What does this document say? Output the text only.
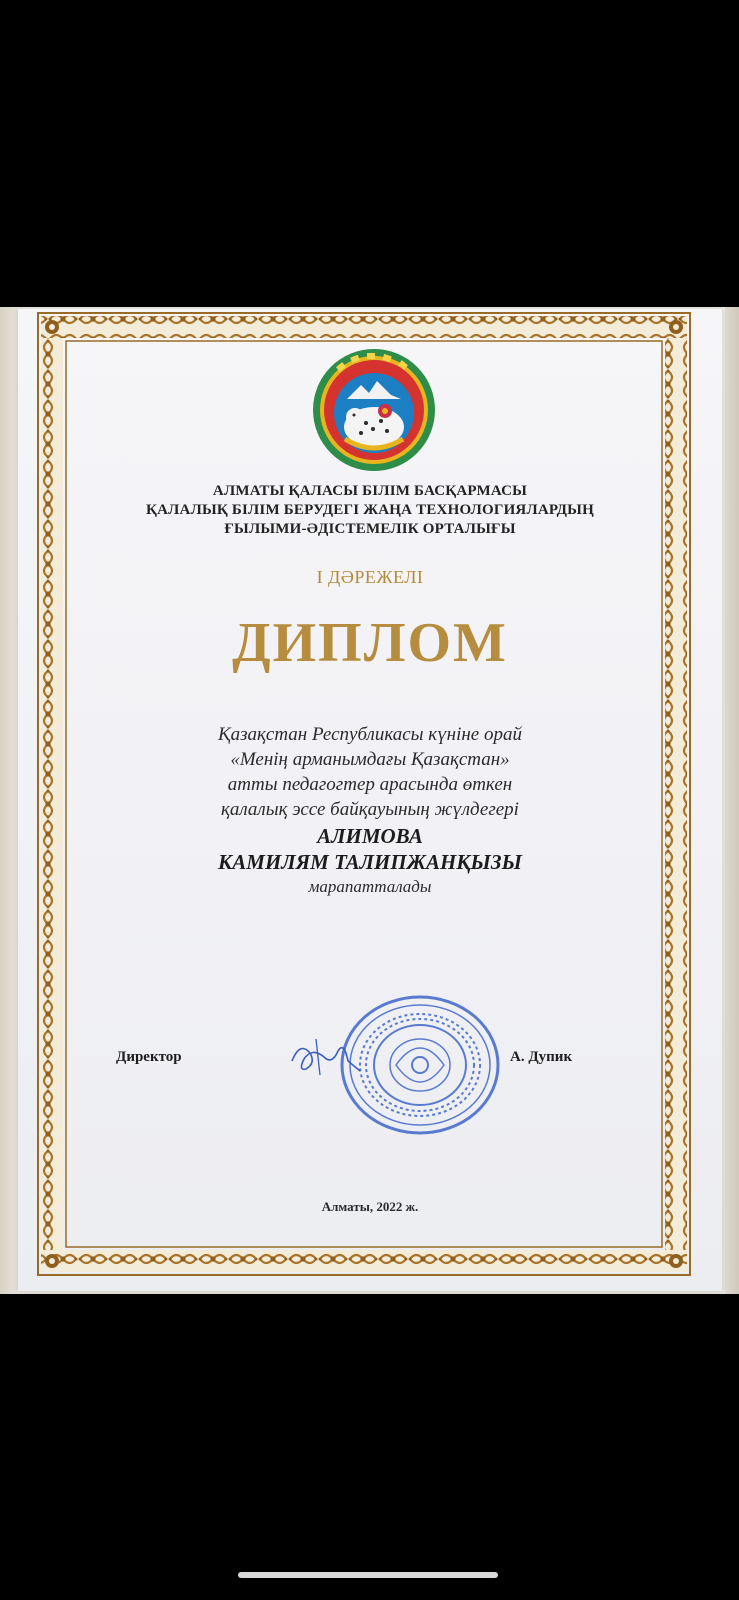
АЛМАТЫ ҚАЛАСЫ БІЛІМ БАСҚАРМАСЫ
ҚАЛАЛЫҚ БІЛІМ БЕРУДЕГІ ЖАҢА ТЕХНОЛОГИЯЛАРДЫҢ
ҒЫЛЫМИ-ӘДІСТЕМЕЛІК ОРТАЛЫҒЫ
І ДӘРЕЖЕЛІ
ДИПЛОМ
Қазақстан Республикасы күніне орай
«Менің арманымдағы Қазақстан»
атты педагогтер арасында өткен
қалалық эссе байқауының жүлдегері
АЛИМОВА
КАМИЛЯМ ТАЛИПЖАНҚЫЗЫ
марапатталады
Директор	А. Дупик
Алматы, 2022 ж.
